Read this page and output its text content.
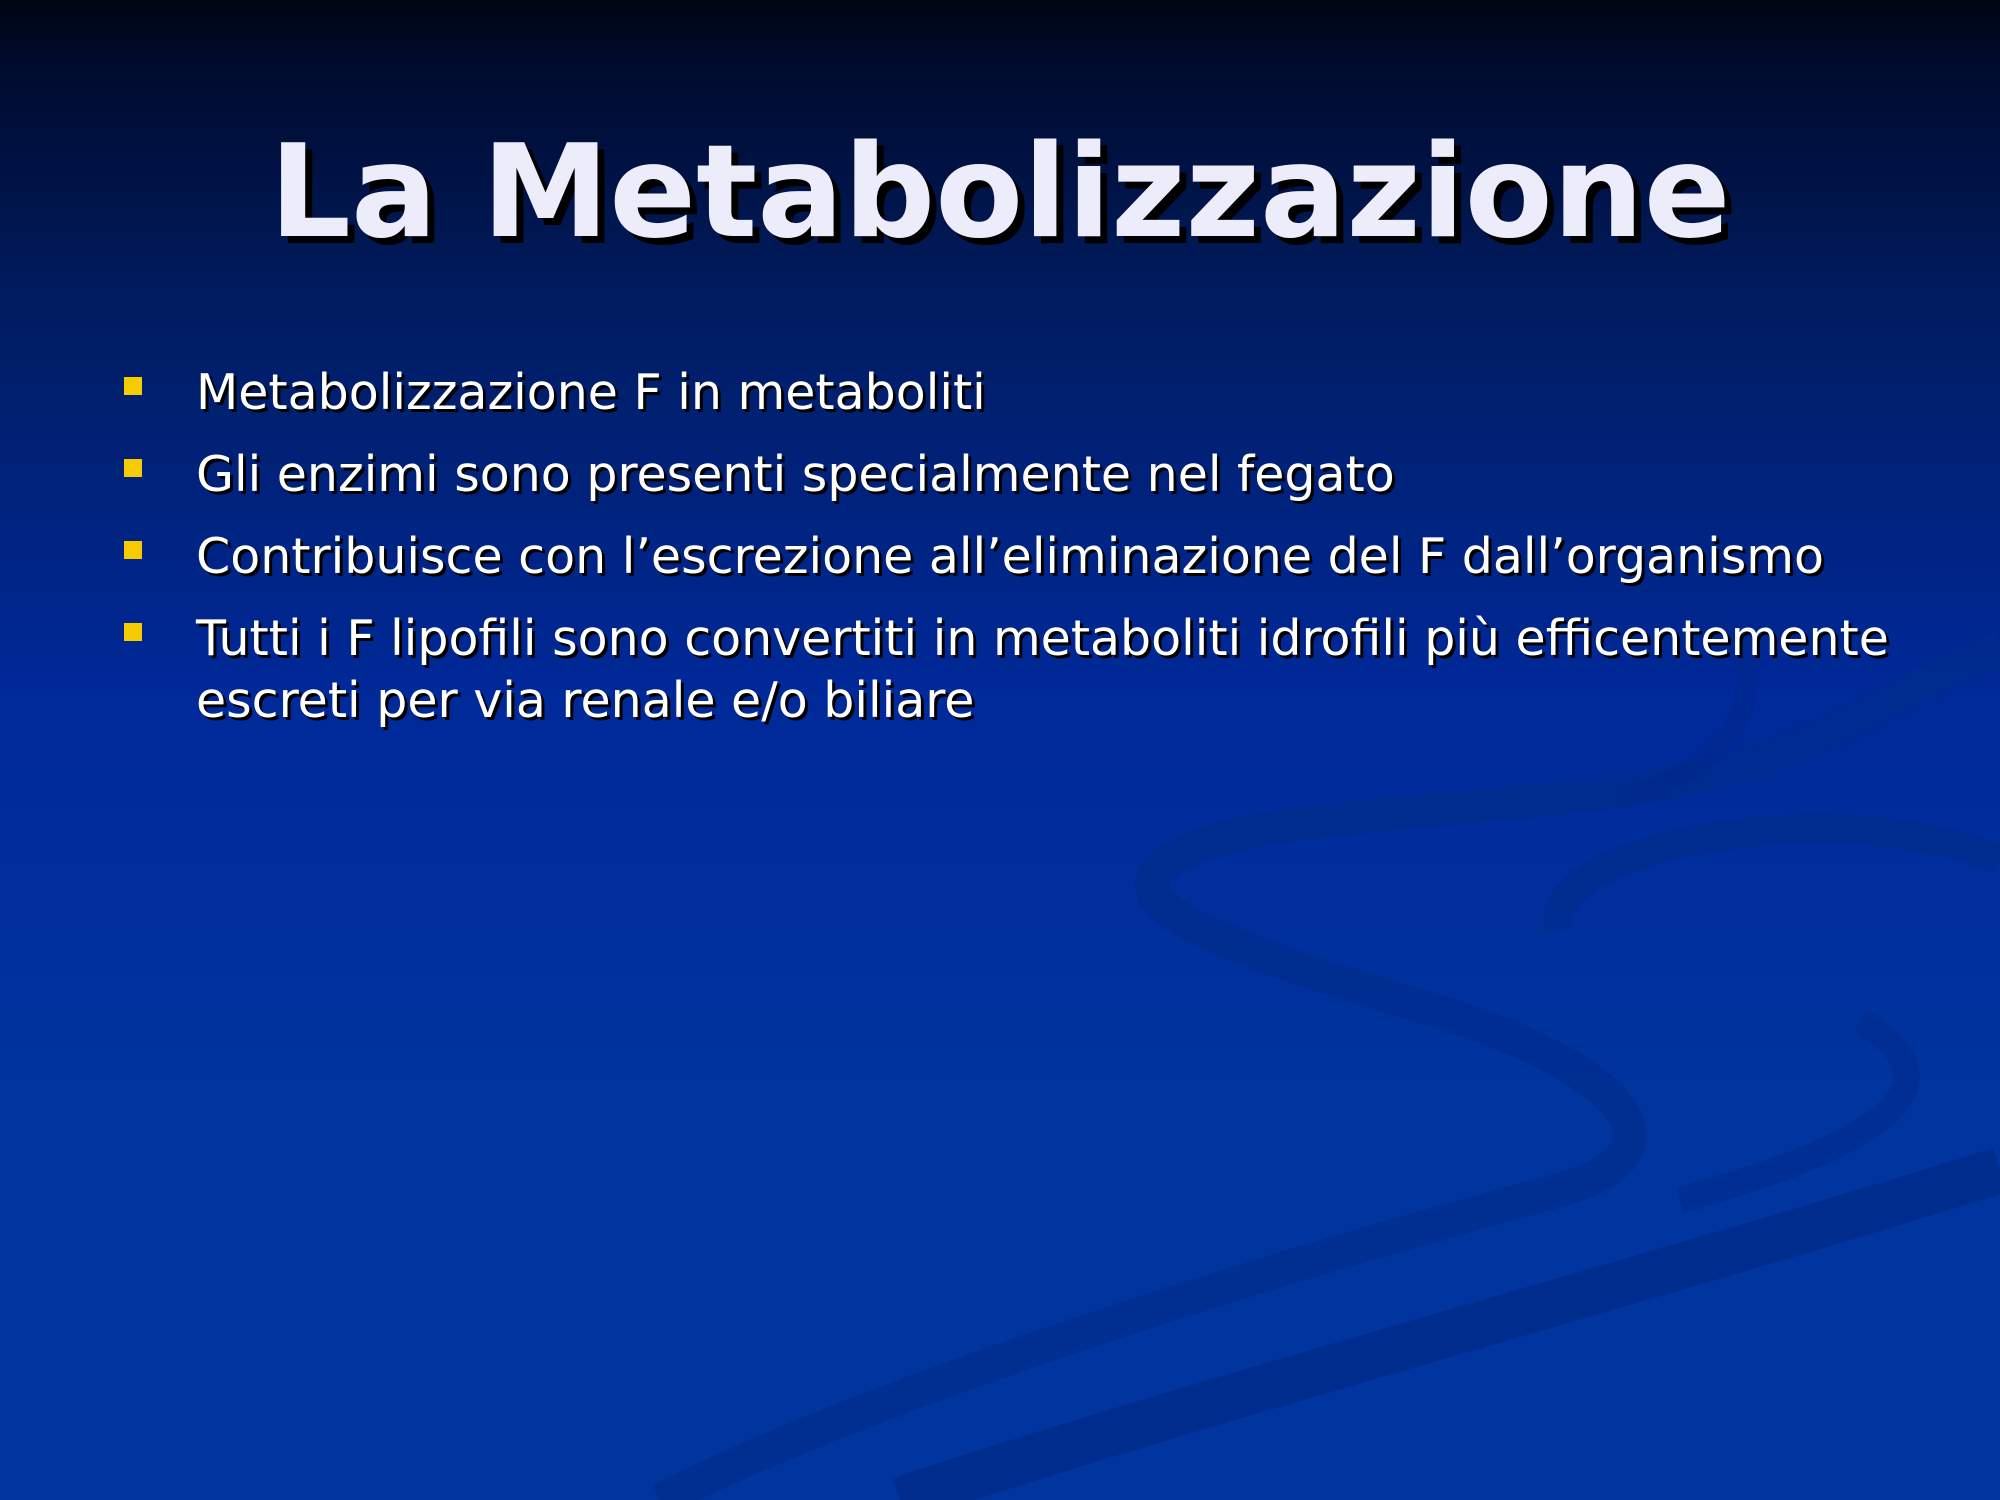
La Metabolizzazione
Metabolizzazione F in metaboliti
Gli enzimi sono presenti specialmente nel fegato
Contribuisce con l’escrezione all’eliminazione del F dall’organismo
Tutti i F lipofili sono convertiti in metaboliti idrofili più efficentemente escreti per via renale e/o biliare
